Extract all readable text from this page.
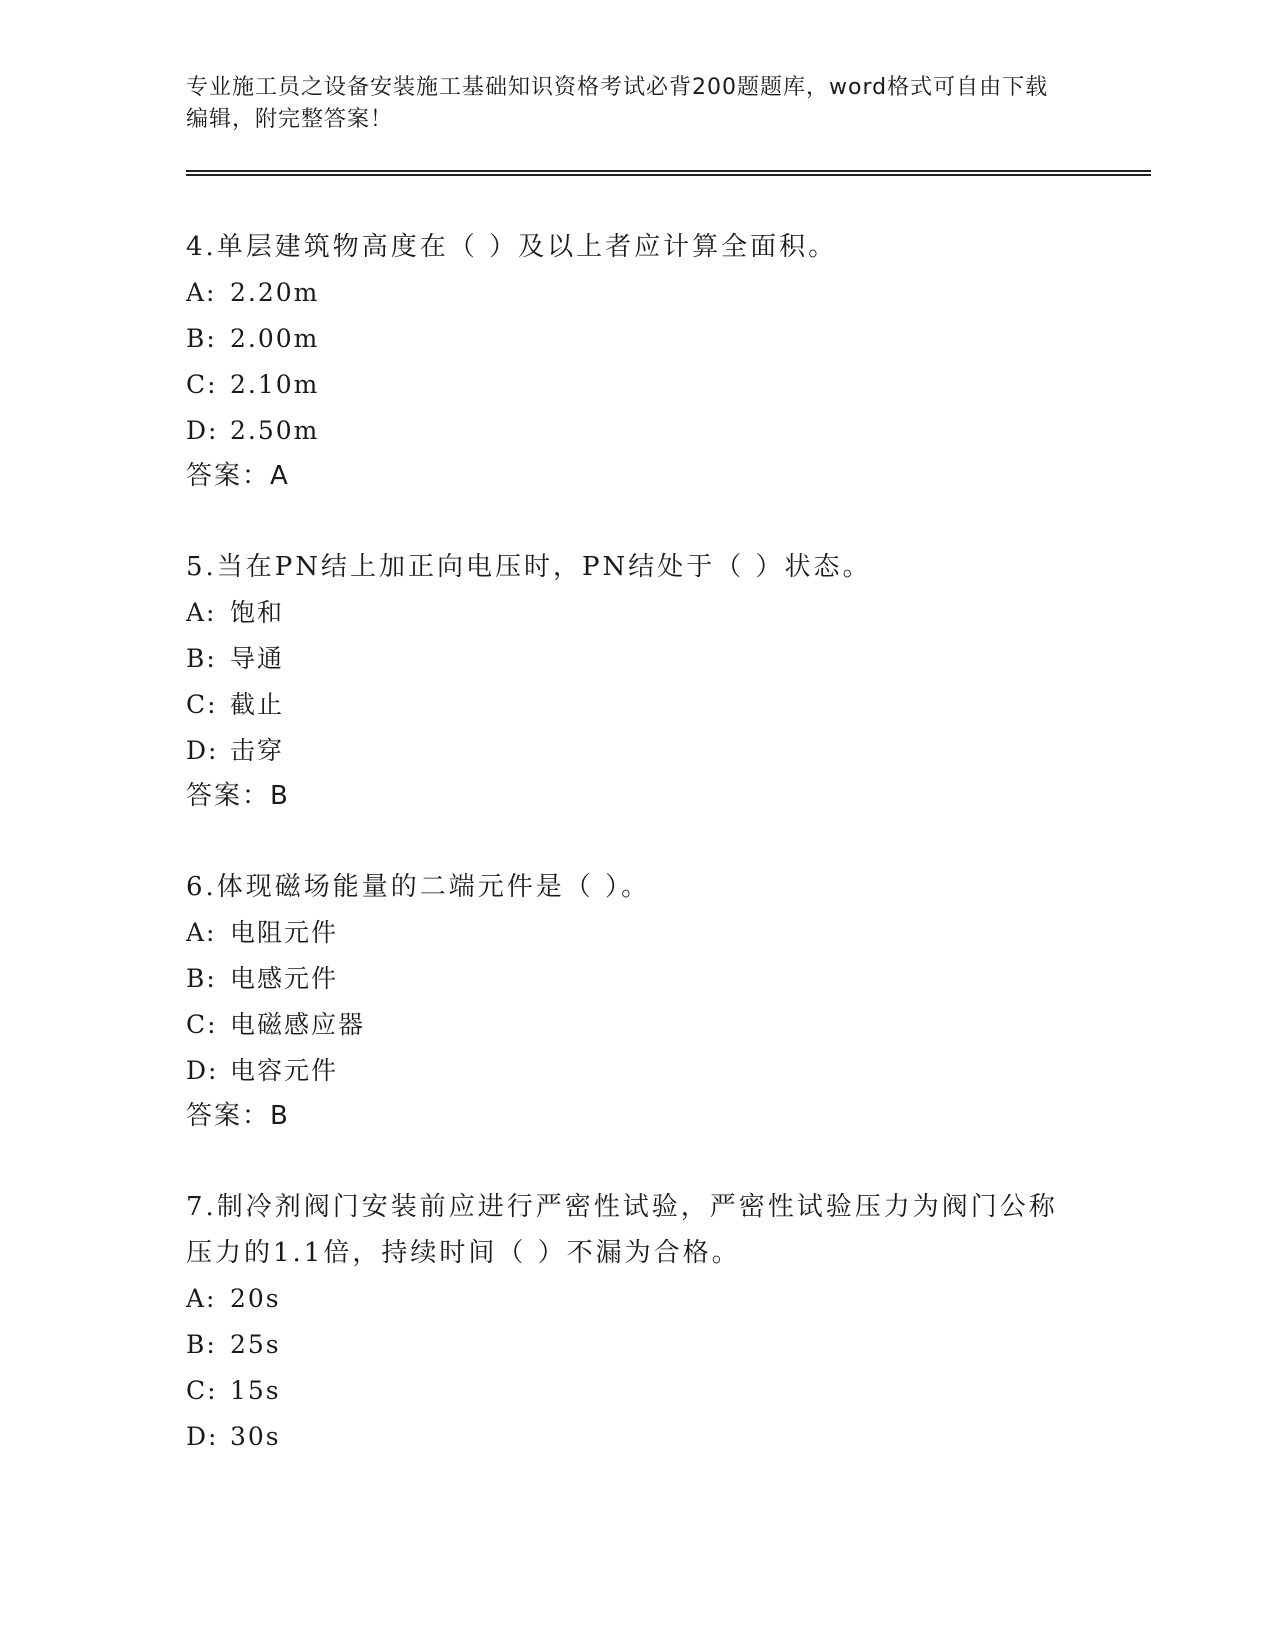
专业施工员之设备安装施工基础知识资格考试必背200题题库，word格式可自由下载编辑，附完整答案！
4.单层建筑物高度在（ ）及以上者应计算全面积。
A: 2.20m
B: 2.00m
C: 2.10m
D: 2.50m
答案：A
5.当在PN结上加正向电压时，PN结处于（ ）状态。
A: 饱和
B: 导通
C: 截止
D: 击穿
答案：B
6.体现磁场能量的二端元件是（ ）。
A: 电阻元件
B: 电感元件
C: 电磁感应器
D: 电容元件
答案：B
7.制冷剂阀门安装前应进行严密性试验，严密性试验压力为阀门公称压力的1.1倍，持续时间（ ）不漏为合格。
A: 20s
B: 25s
C: 15s
D: 30s
